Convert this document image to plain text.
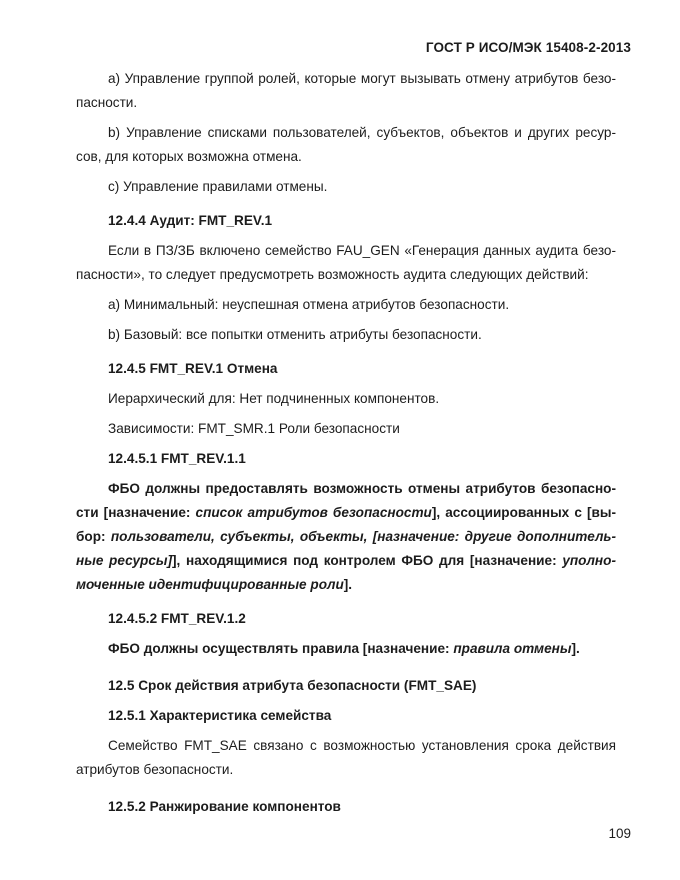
ГОСТ Р ИСО/МЭК 15408-2-2013
а) Управление группой ролей, которые могут вызывать отмену атрибутов безо-пасности.
b) Управление списками пользователей, субъектов, объектов и других ресур-сов, для которых возможна отмена.
с) Управление правилами отмены.
12.4.4 Аудит: FMT_REV.1
Если в ПЗ/ЗБ включено семейство FAU_GEN «Генерация данных аудита безо-пасности», то следует предусмотреть возможность аудита следующих действий:
а) Минимальный: неуспешная отмена атрибутов безопасности.
b) Базовый: все попытки отменить атрибуты безопасности.
12.4.5 FMT_REV.1 Отмена
Иерархический для: Нет подчиненных компонентов.
Зависимости: FMT_SMR.1 Роли безопасности
12.4.5.1 FMT_REV.1.1
ФБО должны предоставлять возможность отмены атрибутов безопасно-сти [назначение: список атрибутов безопасности], ассоциированных с [вы-бор: пользователи, субъекты, объекты, [назначение: другие дополнитель-ные ресурсы]], находящимися под контролем ФБО для [назначение: уполно-моченные идентифицированные роли].
12.4.5.2 FMT_REV.1.2
ФБО должны осуществлять правила [назначение: правила отмены].
12.5 Срок действия атрибута безопасности (FMT_SAE)
12.5.1 Характеристика семейства
Семейство FMT_SAE связано с возможностью установления срока действия атрибутов безопасности.
12.5.2 Ранжирование компонентов
109
